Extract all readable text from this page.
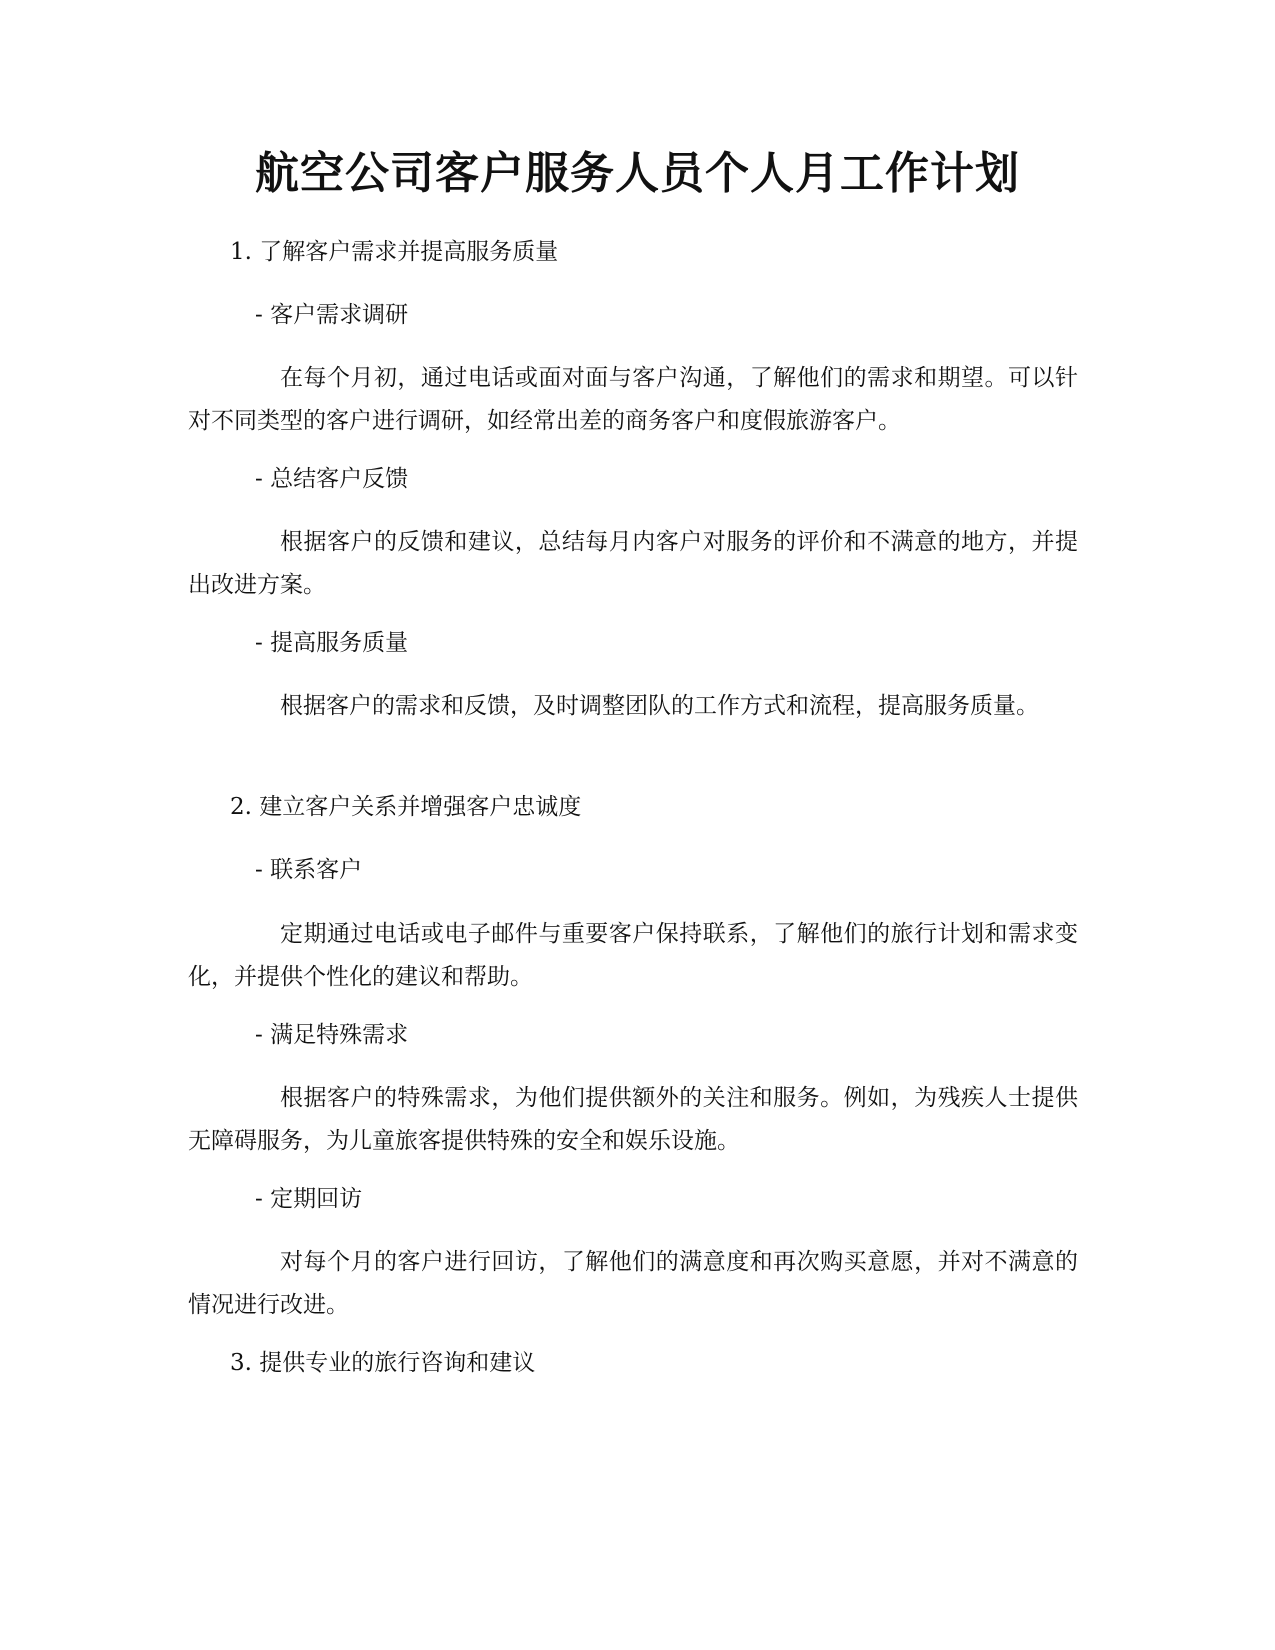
航空公司客户服务人员个人月工作计划

1. 了解客户需求并提高服务质量

- 客户需求调研

在每个月初，通过电话或面对面与客户沟通，了解他们的需求和期望。可以针对不同类型的客户进行调研，如经常出差的商务客户和度假旅游客户。

- 总结客户反馈

根据客户的反馈和建议，总结每月内客户对服务的评价和不满意的地方，并提出改进方案。

- 提高服务质量

根据客户的需求和反馈，及时调整团队的工作方式和流程，提高服务质量。

2. 建立客户关系并增强客户忠诚度

- 联系客户

定期通过电话或电子邮件与重要客户保持联系，了解他们的旅行计划和需求变化，并提供个性化的建议和帮助。

- 满足特殊需求

根据客户的特殊需求，为他们提供额外的关注和服务。例如，为残疾人士提供无障碍服务，为儿童旅客提供特殊的安全和娱乐设施。

- 定期回访

对每个月的客户进行回访，了解他们的满意度和再次购买意愿，并对不满意的情况进行改进。

3. 提供专业的旅行咨询和建议
